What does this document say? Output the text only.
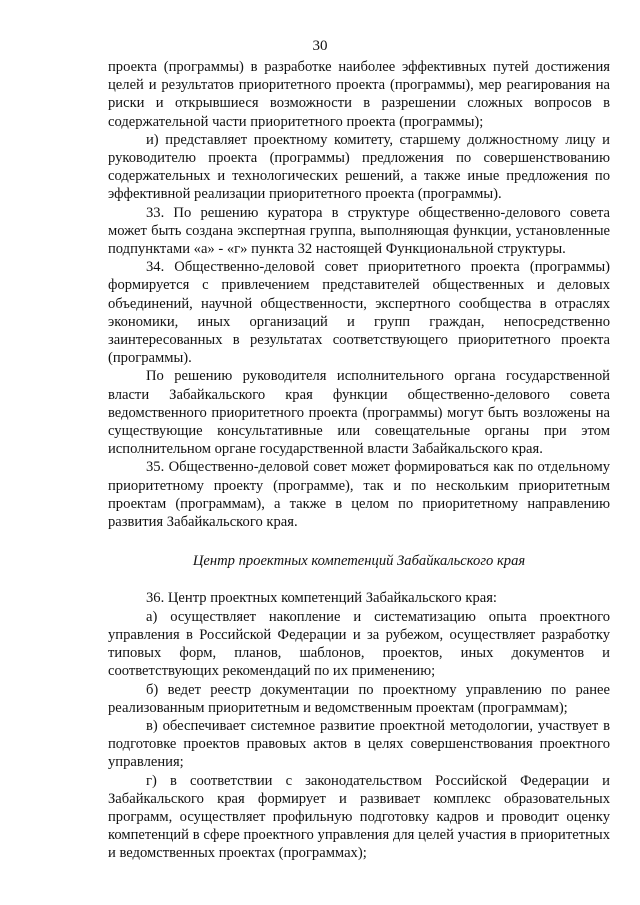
30

проекта (программы) в разработке наиболее эффективных путей достижения целей и результатов приоритетного проекта (программы), мер реагирования на риски и открывшиеся возможности в разрешении сложных вопросов в содержательной части приоритетного проекта (программы);

и) представляет проектному комитету, старшему должностному лицу и руководителю проекта (программы) предложения по совершенствованию содержательных и технологических решений, а также иные предложения по эффективной реализации приоритетного проекта (программы).

33. По решению куратора в структуре общественно-делового совета может быть создана экспертная группа, выполняющая функции, установленные подпунктами «а» - «г» пункта 32 настоящей Функциональной структуры.

34. Общественно-деловой совет приоритетного проекта (программы) формируется с привлечением представителей общественных и деловых объединений, научной общественности, экспертного сообщества в отраслях экономики, иных организаций и групп граждан, непосредственно заинтересованных в результатах соответствующего приоритетного проекта (программы).

По решению руководителя исполнительного органа государственной власти Забайкальского края функции общественно-делового совета ведомственного приоритетного проекта (программы) могут быть возложены на существующие консультативные или совещательные органы при этом исполнительном органе государственной власти Забайкальского края.

35. Общественно-деловой совет может формироваться как по отдельному приоритетному проекту (программе), так и по нескольким приоритетным проектам (программам), а также в целом по приоритетному направлению развития Забайкальского края.

Центр проектных компетенций Забайкальского края

36. Центр проектных компетенций Забайкальского края:

а) осуществляет накопление и систематизацию опыта проектного управления в Российской Федерации и за рубежом, осуществляет разработку типовых форм, планов, шаблонов, проектов, иных документов и соответствующих рекомендаций по их применению;

б) ведет реестр документации по проектному управлению по ранее реализованным приоритетным и ведомственным проектам (программам);

в) обеспечивает системное развитие проектной методологии, участвует в подготовке проектов правовых актов в целях совершенствования проектного управления;

г) в соответствии с законодательством Российской Федерации и Забайкальского края формирует и развивает комплекс образовательных программ, осуществляет профильную подготовку кадров и проводит оценку компетенций в сфере проектного управления для целей участия в приоритетных и ведомственных проектах (программах);
